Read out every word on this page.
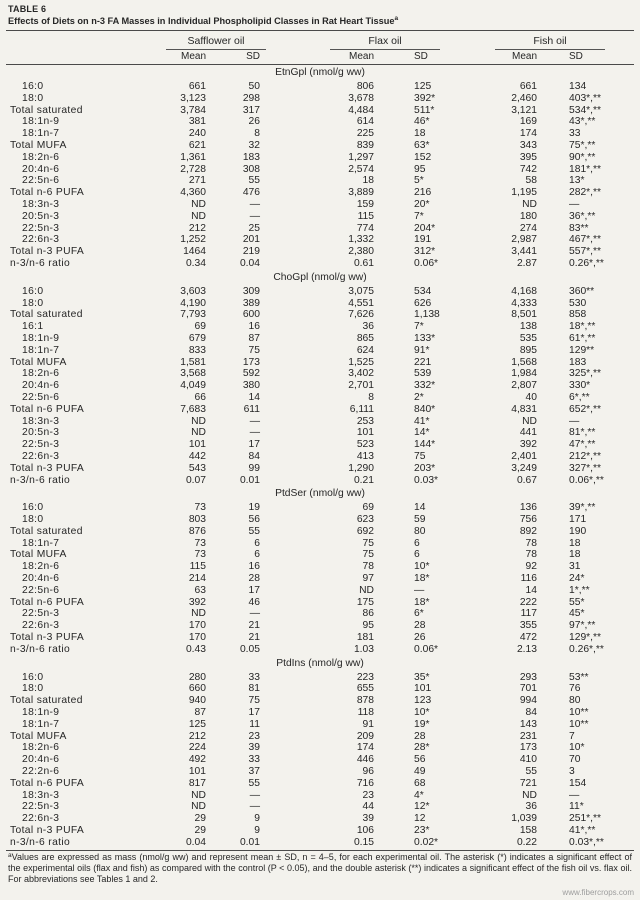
TABLE 6
Effects of Diets on n-3 FA Masses in Individual Phospholipid Classes in Rat Heart Tissue$^a$
Safflower oil	Flax oil	Fish oil
Mean	SD	Mean	SD	Mean	SD
EtnGpl (nmol/g ww)
16:0	661	50	806	125	661	134
18:0	3,123	298	3,678	392*	2,460	403*,**
Total saturated	3,784	317	4,484	511*	3,121	534*,**
18:1n-9	381	26	614	46*	169	43*,**
18:1n-7	240	8	225	18	174	33
Total MUFA	621	32	839	63*	343	75*,**
18:2n-6	1,361	183	1,297	152	395	90*,**
20:4n-6	2,728	308	2,574	95	742	181*,**
22:5n-6	271	55	18	5*	58	13*
Total n-6 PUFA	4,360	476	3,889	216	1,195	282*,**
18:3n-3	ND	—	159	20*	ND	—
20:5n-3	ND	—	115	7*	180	36*,**
22:5n-3	212	25	774	204*	274	83**
22:6n-3	1,252	201	1,332	191	2,987	467*,**
Total n-3 PUFA	1464	219	2,380	312*	3,441	557*,**
n-3/n-6 ratio	0.34	0.04	0.61	0.06*	2.87	0.26*,**
ChoGpl (nmol/g ww)
16:0	3,603	309	3,075	534	4,168	360**
18:0	4,190	389	4,551	626	4,333	530
Total saturated	7,793	600	7,626	1,138	8,501	858
16:1	69	16	36	7*	138	18*,**
18:1n-9	679	87	865	133*	535	61*,**
18:1n-7	833	75	624	91*	895	129**
Total MUFA	1,581	173	1,525	221	1,568	183
18:2n-6	3,568	592	3,402	539	1,984	325*,**
20:4n-6	4,049	380	2,701	332*	2,807	330*
22:5n-6	66	14	8	2*	40	6*,**
Total n-6 PUFA	7,683	611	6,111	840*	4,831	652*,**
18:3n-3	ND	—	253	41*	ND	—
20:5n-3	ND	—	101	14*	441	81*,**
22:5n-3	101	17	523	144*	392	47*,**
22:6n-3	442	84	413	75	2,401	212*,**
Total n-3 PUFA	543	99	1,290	203*	3,249	327*,**
n-3/n-6 ratio	0.07	0.01	0.21	0.03*	0.67	0.06*,**
PtdSer (nmol/g ww)
16:0	73	19	69	14	136	39*,**
18:0	803	56	623	59	756	171
Total saturated	876	55	692	80	892	190
18:1n-7	73	6	75	6	78	18
Total MUFA	73	6	75	6	78	18
18:2n-6	115	16	78	10*	92	31
20:4n-6	214	28	97	18*	116	24*
22:5n-6	63	17	ND	—	14	1*,**
Total n-6 PUFA	392	46	175	18*	222	55*
22:5n-3	ND	—	86	6*	117	45*
22:6n-3	170	21	95	28	355	97*,**
Total n-3 PUFA	170	21	181	26	472	129*,**
n-3/n-6 ratio	0.43	0.05	1.03	0.06*	2.13	0.26*,**
PtdIns (nmol/g ww)
16:0	280	33	223	35*	293	53**
18:0	660	81	655	101	701	76
Total saturated	940	75	878	123	994	80
18:1n-9	87	17	118	10*	84	10**
18:1n-7	125	11	91	19*	143	10**
Total MUFA	212	23	209	28	231	7
18:2n-6	224	39	174	28*	173	10*
20:4n-6	492	33	446	56	410	70
22:2n-6	101	37	96	49	55	3
Total n-6 PUFA	817	55	716	68	721	154
18:3n-3	ND	—	23	4*	ND	—
22:5n-3	ND	—	44	12*	36	11*
22:6n-3	29	9	39	12	1,039	251*,**
Total n-3 PUFA	29	9	106	23*	158	41*,**
n-3/n-6 ratio	0.04	0.01	0.15	0.02*	0.22	0.03*,**
$^a$Values are expressed as mass (nmol/g ww) and represent mean ± SD, n = 4–5, for each experimental oil. The asterisk (*) indicates a significant effect of the experimental oils (flax and fish) as compared with the control (P < 0.05), and the double asterisk (**) indicates a significant effect of the fish oil vs. flax oil. For abbreviations see Tables 1 and 2.
www.fibercrops.com
